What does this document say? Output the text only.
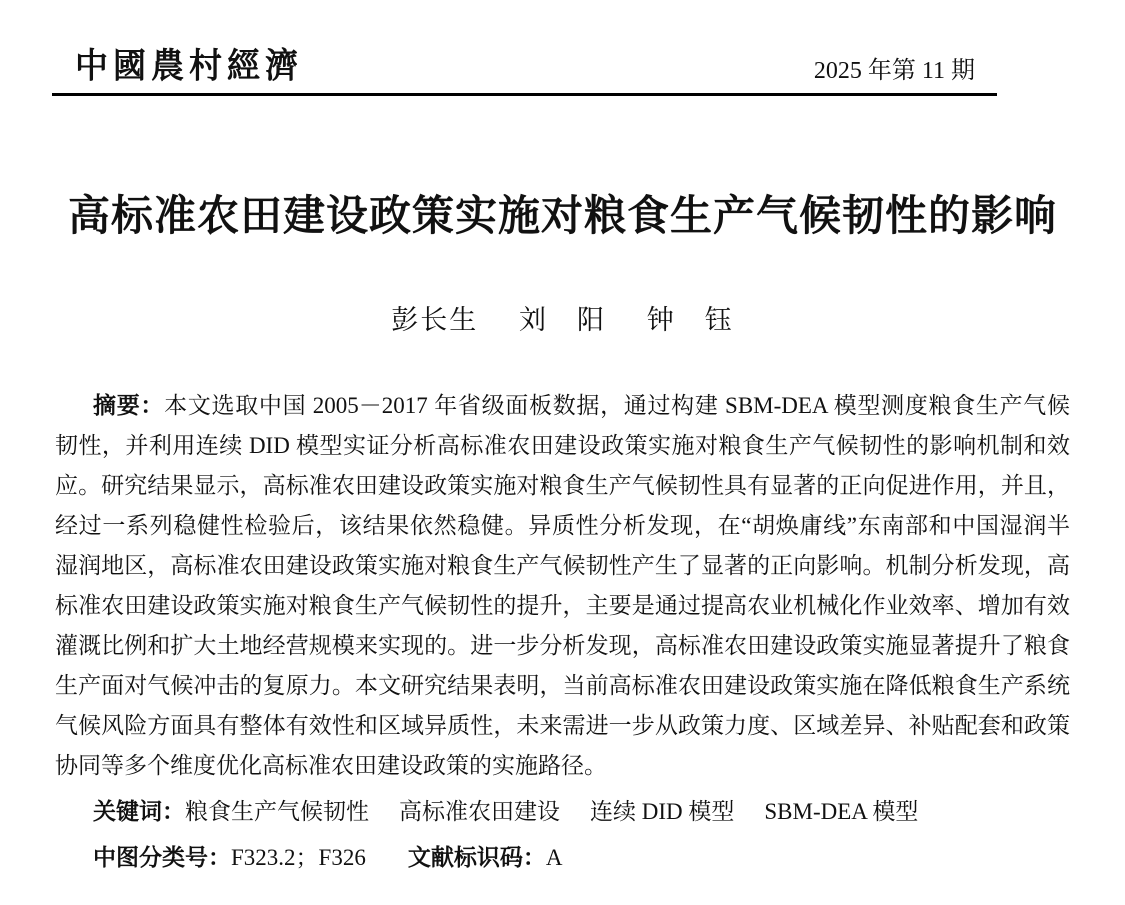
中國農村經濟	2025 年第 11 期
高标准农田建设政策实施对粮食生产气候韧性的影响
彭长生 刘　阳 钟　钰
摘要：本文选取中国 2005－2017 年省级面板数据，通过构建 SBM-DEA 模型测度粮食生产气候
韧性，并利用连续 DID 模型实证分析高标准农田建设政策实施对粮食生产气候韧性的影响机制和效
应。研究结果显示，高标准农田建设政策实施对粮食生产气候韧性具有显著的正向促进作用，并且，
经过一系列稳健性检验后，该结果依然稳健。异质性分析发现，在“胡焕庸线”东南部和中国湿润半
湿润地区，高标准农田建设政策实施对粮食生产气候韧性产生了显著的正向影响。机制分析发现，高
标准农田建设政策实施对粮食生产气候韧性的提升，主要是通过提高农业机械化作业效率、增加有效
灌溉比例和扩大土地经营规模来实现的。进一步分析发现，高标准农田建设政策实施显著提升了粮食
生产面对气候冲击的复原力。本文研究结果表明，当前高标准农田建设政策实施在降低粮食生产系统
气候风险方面具有整体有效性和区域异质性，未来需进一步从政策力度、区域差异、补贴配套和政策
协同等多个维度优化高标准农田建设政策的实施路径。
关键词：粮食生产气候韧性 高标准农田建设 连续 DID 模型 SBM-DEA 模型
中图分类号：F323.2；F326 文献标识码：A
